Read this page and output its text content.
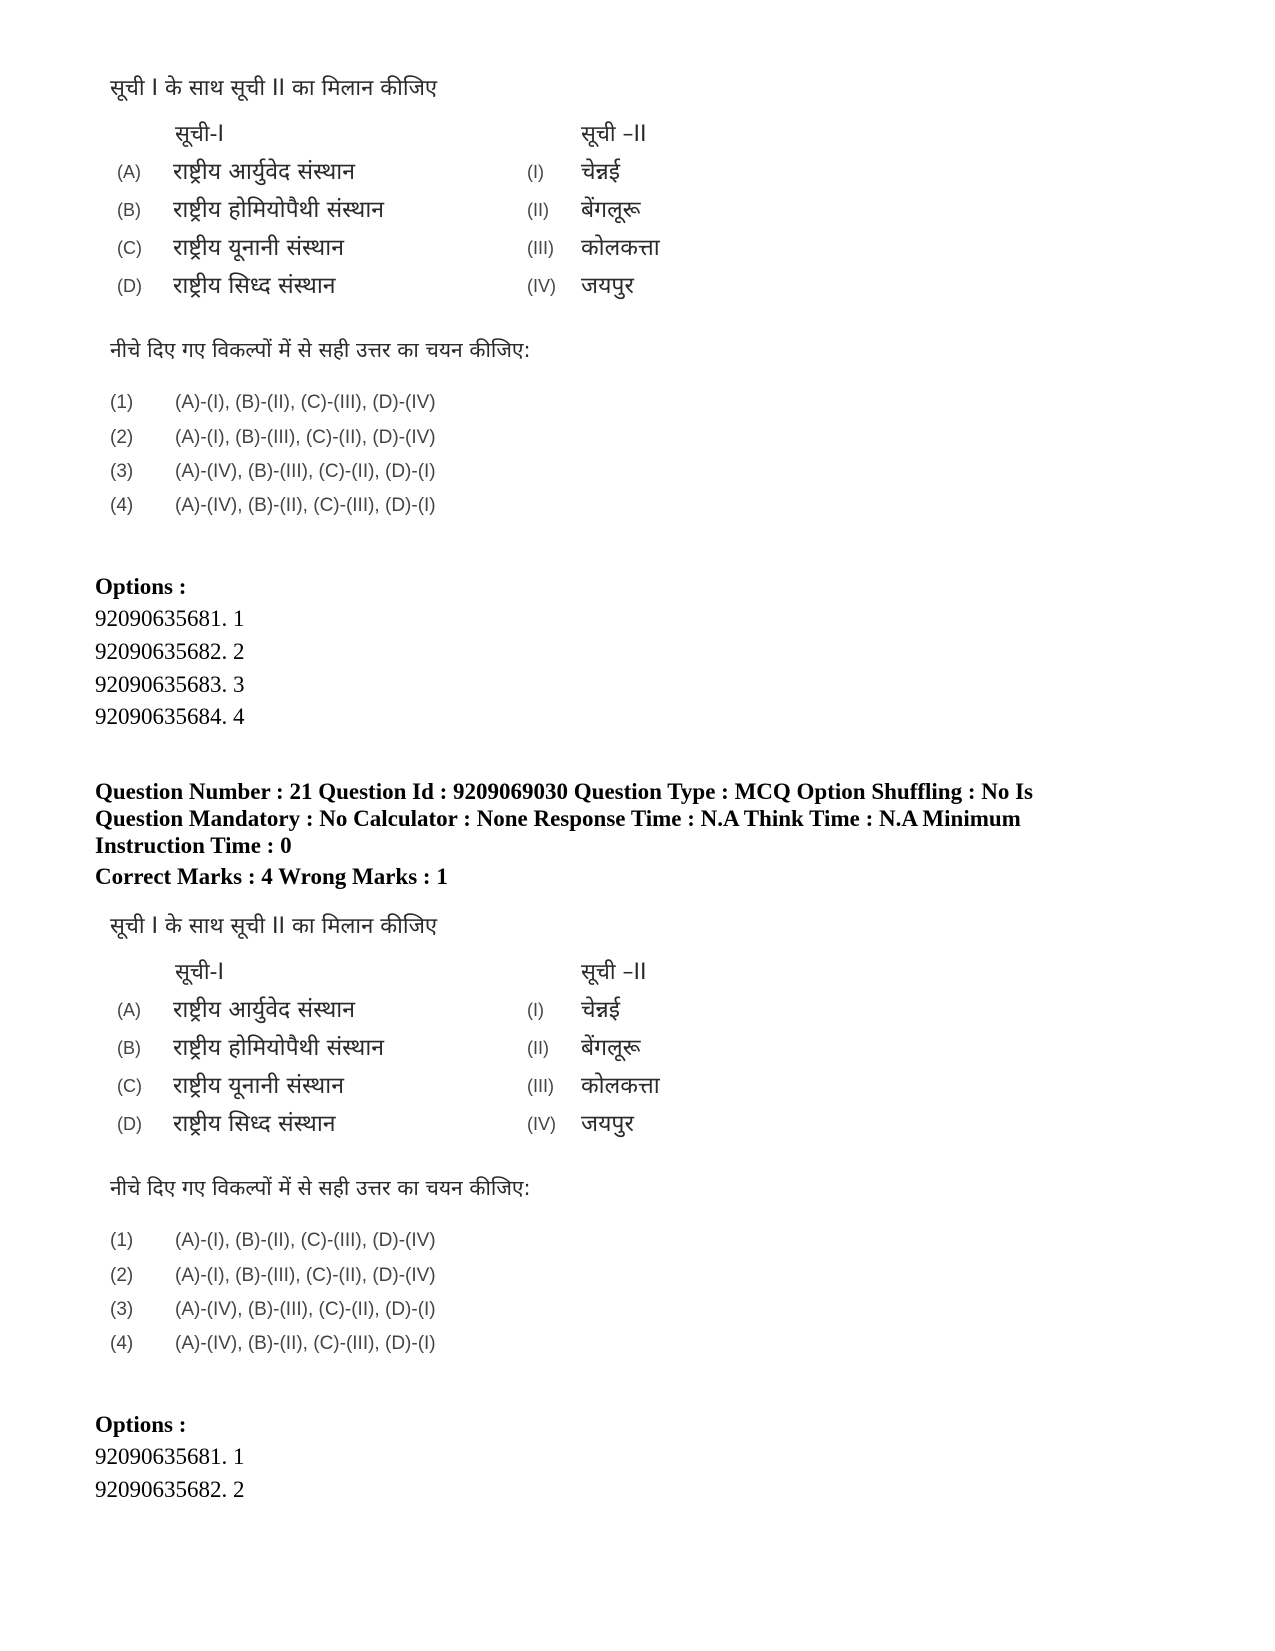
सूची I के साथ सूची II का मिलान कीजिए
सूची-I	सूची –II
(A) राष्ट्रीय आर्युवेद संस्थान	(I) चेन्नई
(B) राष्ट्रीय होमियोपैथी संस्थान	(II) बेंगलूरू
(C) राष्ट्रीय यूनानी संस्थान	(III) कोलकत्ता
(D) राष्ट्रीय सिध्द संस्थान	(IV) जयपुर
नीचे दिए गए विकल्पों में से सही उत्तर का चयन कीजिए:
(1) (A)-(I), (B)-(II), (C)-(III), (D)-(IV)
(2) (A)-(I), (B)-(III), (C)-(II), (D)-(IV)
(3) (A)-(IV), (B)-(III), (C)-(II), (D)-(I)
(4) (A)-(IV), (B)-(II), (C)-(III), (D)-(I)
Options :
92090635681. 1
92090635682. 2
92090635683. 3
92090635684. 4
Question Number : 21 Question Id : 9209069030 Question Type : MCQ Option Shuffling : No Is Question Mandatory : No Calculator : None Response Time : N.A Think Time : N.A Minimum Instruction Time : 0
Correct Marks : 4 Wrong Marks : 1
सूची I के साथ सूची II का मिलान कीजिए
सूची-I	सूची –II
(A) राष्ट्रीय आर्युवेद संस्थान	(I) चेन्नई
(B) राष्ट्रीय होमियोपैथी संस्थान	(II) बेंगलूरू
(C) राष्ट्रीय यूनानी संस्थान	(III) कोलकत्ता
(D) राष्ट्रीय सिध्द संस्थान	(IV) जयपुर
नीचे दिए गए विकल्पों में से सही उत्तर का चयन कीजिए:
(1) (A)-(I), (B)-(II), (C)-(III), (D)-(IV)
(2) (A)-(I), (B)-(III), (C)-(II), (D)-(IV)
(3) (A)-(IV), (B)-(III), (C)-(II), (D)-(I)
(4) (A)-(IV), (B)-(II), (C)-(III), (D)-(I)
Options :
92090635681. 1
92090635682. 2
